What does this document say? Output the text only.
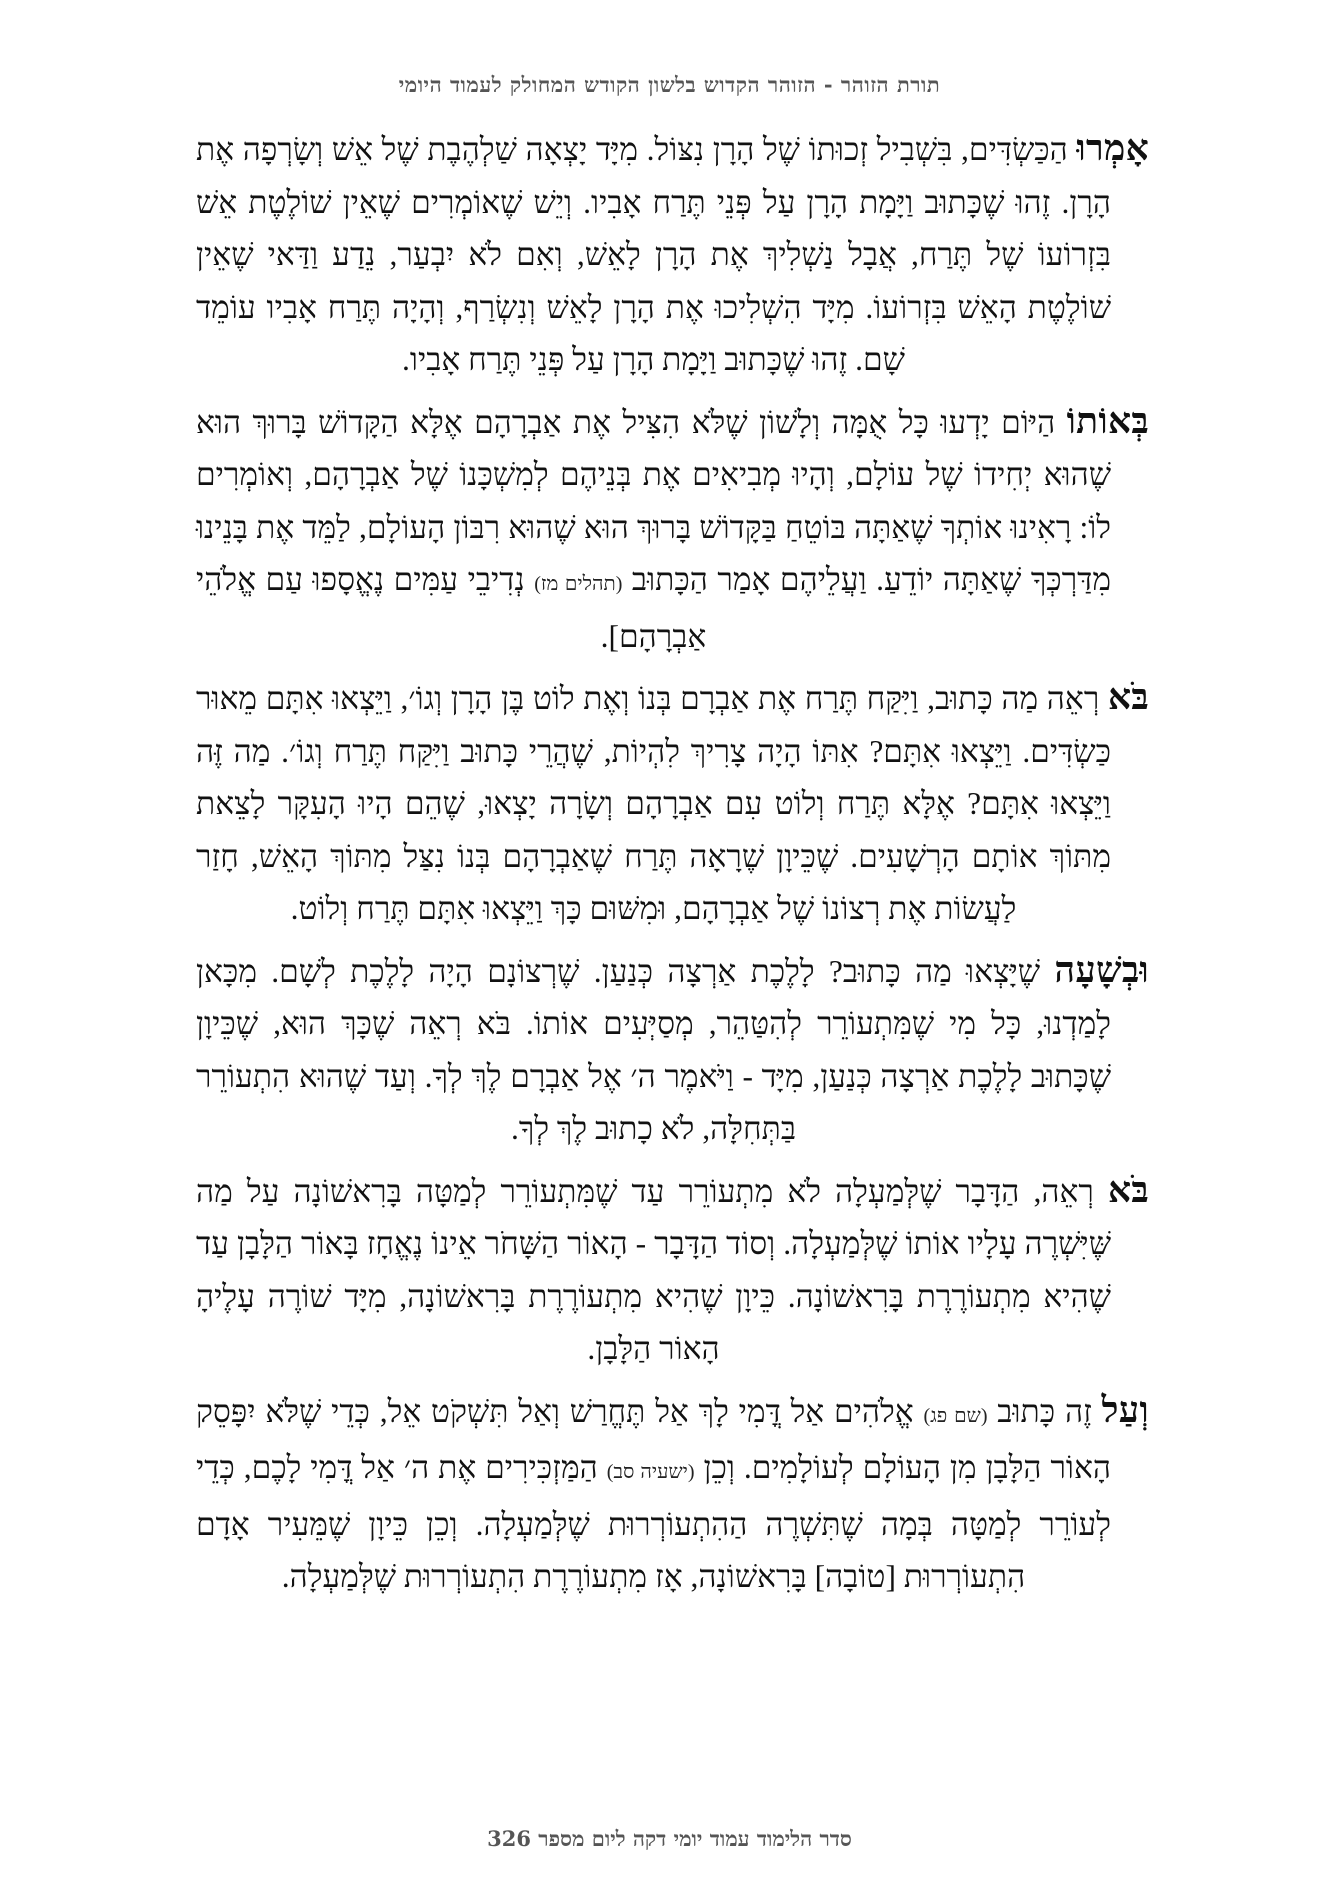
תורת הזוהר - הזוהר הקדוש בלשון הקודש המחולק לעמוד היומי

אָמְרוּ הַכַּשְׂדִּים, בִּשְׁבִיל זְכוּתוֹ שֶׁל הָרָן נִצּוֹל. מִיָּד יָצְאָה שַׁלְהֶבֶת שֶׁל אֵשׁ וְשָׂרְפָה אֶת הָרָן. זֶהוּ שֶׁכָּתוּב וַיָּמָת הָרָן עַל פְּנֵי תֶּרַח אָבִיו. וְיֵשׁ שֶׁאוֹמְרִים שֶׁאֵין שׁוֹלֶטֶת אֵשׁ בִּזְרוֹעוֹ שֶׁל תֶּרַח, אֲבָל נַשְׁלִיךְ אֶת הָרָן לָאֵשׁ, וְאִם לֹא יִבְעַר, נֵדַע וַדַּאי שֶׁאֵין שׁוֹלֶטֶת הָאֵשׁ בִּזְרוֹעוֹ. מִיָּד הִשְׁלִיכוּ אֶת הָרָן לָאֵשׁ וְנִשְׂרַף, וְהָיָה תֶּרַח אָבִיו עוֹמֵד שָׁם. זֶהוּ שֶׁכָּתוּב וַיָּמָת הָרָן עַל פְּנֵי תֶּרַח אָבִיו.

בְּאוֹתוֹ הַיּוֹם יָדְעוּ כָּל אֻמָּה וְלָשׁוֹן שֶׁלֹּא הִצִּיל אֶת אַבְרָהָם אֶלָּא הַקָּדוֹשׁ בָּרוּךְ הוּא שֶׁהוּא יְחִידוֹ שֶׁל עוֹלָם, וְהָיוּ מְבִיאִים אֶת בְּנֵיהֶם לְמִשְׁכָּנוֹ שֶׁל אַבְרָהָם, וְאוֹמְרִים לוֹ: רָאִינוּ אוֹתְךָ שֶׁאַתָּה בּוֹטֵחַ בַּקָּדוֹשׁ בָּרוּךְ הוּא שֶׁהוּא רִבּוֹן הָעוֹלָם, לַמֵּד אֶת בָּנֵינוּ מִדַּרְכְּךָ שֶׁאַתָּה יוֹדֵעַ. וַעֲלֵיהֶם אָמַר הַכָּתוּב (תהלים מז) נְדִיבֵי עַמִּים נֶאֱסָפוּ עַם אֱלֹהֵי אַבְרָהָם].

בֹּא רְאֵה מַה כָּתוּב, וַיִּקַּח תֶּרַח אֶת אַבְרָם בְּנוֹ וְאֶת לוֹט בֶּן הָרָן וְגוֹ׳, וַיֵּצְאוּ אִתָּם מֵאוּר כַּשְׂדִּים. וַיֵּצְאוּ אִתָּם? אִתּוֹ הָיָה צָרִיךְ לִהְיוֹת, שֶׁהֲרֵי כָּתוּב וַיִּקַּח תֶּרַח וְגוֹ׳. מַה זֶּה וַיֵּצְאוּ אִתָּם? אֶלָּא תֶּרַח וְלוֹט עִם אַבְרָהָם וְשָׂרָה יָצְאוּ, שֶׁהֵם הָיוּ הָעִקָּר לָצֵאת מִתּוֹךְ אוֹתָם הָרְשָׁעִים. שֶׁכֵּיוָן שֶׁרָאָה תֶּרַח שֶׁאַבְרָהָם בְּנוֹ נִצַּל מִתּוֹךְ הָאֵשׁ, חָזַר לַעֲשׂוֹת אֶת רְצוֹנוֹ שֶׁל אַבְרָהָם, וּמִשּׁוּם כָּךְ וַיֵּצְאוּ אִתָּם תֶּרַח וְלוֹט.

וּבְשָׁעָה שֶׁיָּצְאוּ מַה כָּתוּב? לָלֶכֶת אַרְצָה כְּנַעַן. שֶׁרְצוֹנָם הָיָה לָלֶכֶת לְשָׁם. מִכָּאן לָמַדְנוּ, כָּל מִי שֶׁמִּתְעוֹרֵר לְהִטַּהֵר, מְסַיְּעִים אוֹתוֹ. בֹּא רְאֵה שֶׁכָּךְ הוּא, שֶׁכֵּיוָן שֶׁכָּתוּב לָלֶכֶת אַרְצָה כְּנַעַן, מִיָּד - וַיֹּאמֶר ה׳ אֶל אַבְרָם לֶךְ לְךָ. וְעַד שֶׁהוּא הִתְעוֹרֵר בַּתְּחִלָּה, לֹא כָתוּב לֶךְ לְךָ.

בֹּא רְאֵה, הַדָּבָר שֶׁלְּמַעְלָה לֹא מִתְעוֹרֵר עַד שֶׁמִּתְעוֹרֵר לְמַטָּה בָּרִאשׁוֹנָה עַל מַה שֶּׁיִּשְׁרֶה עָלָיו אוֹתוֹ שֶׁלְּמַעְלָה. וְסוֹד הַדָּבָר - הָאוֹר הַשָּׁחֹר אֵינוֹ נֶאֱחָז בָּאוֹר הַלָּבָן עַד שֶׁהִיא מִתְעוֹרֶרֶת בָּרִאשׁוֹנָה. כֵּיוָן שֶׁהִיא מִתְעוֹרֶרֶת בָּרִאשׁוֹנָה, מִיָּד שׁוֹרֶה עָלֶיהָ הָאוֹר הַלָּבָן.

וְעַל זֶה כָּתוּב (שם פג) אֱלֹהִים אַל דֳּמִי לָךְ אַל תֶּחֱרַשׁ וְאַל תִּשְׁקֹט אֵל, כְּדֵי שֶׁלֹּא יִפָּסֵק הָאוֹר הַלָּבָן מִן הָעוֹלָם לְעוֹלָמִים. וְכֵן (ישעיה סב) הַמַּזְכִּירִים אֶת ה׳ אַל דֳּמִי לָכֶם, כְּדֵי לְעוֹרֵר לְמַטָּה בְּמָה שֶׁתִּשְׁרֶה הַהִתְעוֹרְרוּת שֶׁלְּמַעְלָה. וְכֵן כֵּיוָן שֶׁמֵּעִיר אָדָם הִתְעוֹרְרוּת [טוֹבָה] בָּרִאשׁוֹנָה, אָז מִתְעוֹרֶרֶת הִתְעוֹרְרוּת שֶׁלְּמַעְלָה.

סדר הלימוד עמוד יומי דקה ליום מספר 326
